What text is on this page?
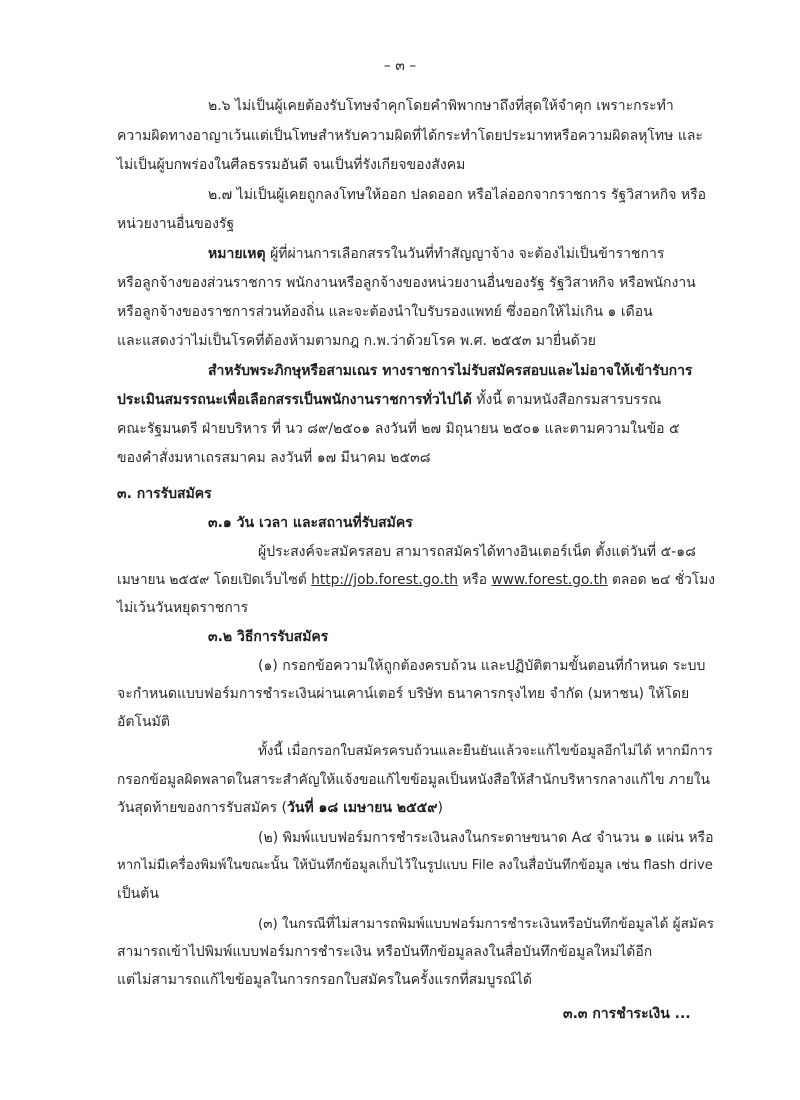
– ๓ –
๒.๖ ไม่เป็นผู้เคยต้องรับโทษจำคุกโดยคำพิพากษาถึงที่สุดให้จำคุก เพราะกระทำ
ความผิดทางอาญาเว้นแต่เป็นโทษสำหรับความผิดที่ได้กระทำโดยประมาทหรือความผิดลหุโทษ และ
ไม่เป็นผู้บกพร่องในศีลธรรมอันดี จนเป็นที่รังเกียจของสังคม
๒.๗ ไม่เป็นผู้เคยถูกลงโทษให้ออก ปลดออก หรือไล่ออกจากราชการ รัฐวิสาหกิจ หรือ
หน่วยงานอื่นของรัฐ
หมายเหตุ ผู้ที่ผ่านการเลือกสรรในวันที่ทำสัญญาจ้าง จะต้องไม่เป็นข้าราชการ
หรือลูกจ้างของส่วนราชการ พนักงานหรือลูกจ้างของหน่วยงานอื่นของรัฐ รัฐวิสาหกิจ หรือพนักงาน
หรือลูกจ้างของราชการส่วนท้องถิ่น และจะต้องนำใบรับรองแพทย์ ซึ่งออกให้ไม่เกิน ๑ เดือน
และแสดงว่าไม่เป็นโรคที่ต้องห้ามตามกฎ ก.พ.ว่าด้วยโรค พ.ศ. ๒๕๕๓ มายื่นด้วย
สำหรับพระภิกษุหรือสามเณร ทางราชการไม่รับสมัครสอบและไม่อาจให้เข้ารับการ
ประเมินสมรรถนะเพื่อเลือกสรรเป็นพนักงานราชการทั่วไปได้ ทั้งนี้ ตามหนังสือกรมสารบรรณ
คณะรัฐมนตรี ฝ่ายบริหาร ที่ นว ๘๙/๒๕๐๑ ลงวันที่ ๒๗ มิถุนายน ๒๕๐๑ และตามความในข้อ ๕
ของคำสั่งมหาเถรสมาคม ลงวันที่ ๑๗ มีนาคม ๒๕๓๘
๓. การรับสมัคร
๓.๑ วัน เวลา และสถานที่รับสมัคร
ผู้ประสงค์จะสมัครสอบ สามารถสมัครได้ทางอินเตอร์เน็ต ตั้งแต่วันที่ ๕-๑๘
เมษายน ๒๕๕๙ โดยเปิดเว็บไซต์ http://job.forest.go.th หรือ www.forest.go.th ตลอด ๒๔ ชั่วโมง
ไม่เว้นวันหยุดราชการ
๓.๒ วิธีการรับสมัคร
(๑) กรอกข้อความให้ถูกต้องครบถ้วน และปฏิบัติตามขั้นตอนที่กำหนด ระบบ
จะกำหนดแบบฟอร์มการชำระเงินผ่านเคาน์เตอร์ บริษัท ธนาคารกรุงไทย จำกัด (มหาชน) ให้โดย
อัตโนมัติ
ทั้งนี้ เมื่อกรอกใบสมัครครบถ้วนและยืนยันแล้วจะแก้ไขข้อมูลอีกไม่ได้ หากมีการ
กรอกข้อมูลผิดพลาดในสาระสำคัญให้แจ้งขอแก้ไขข้อมูลเป็นหนังสือให้สำนักบริหารกลางแก้ไข ภายใน
วันสุดท้ายของการรับสมัคร (วันที่ ๑๘ เมษายน ๒๕๕๙)
(๒) พิมพ์แบบฟอร์มการชำระเงินลงในกระดาษขนาด A๔ จำนวน ๑ แผ่น หรือ
หากไม่มีเครื่องพิมพ์ในขณะนั้น ให้บันทึกข้อมูลเก็บไว้ในรูปแบบ File ลงในสื่อบันทึกข้อมูล เช่น flash drive
เป็นต้น
(๓) ในกรณีที่ไม่สามารถพิมพ์แบบฟอร์มการชำระเงินหรือบันทึกข้อมูลได้ ผู้สมัคร
สามารถเข้าไปพิมพ์แบบฟอร์มการชำระเงิน หรือบันทึกข้อมูลลงในสื่อบันทึกข้อมูลใหม่ได้อีก
แต่ไม่สามารถแก้ไขข้อมูลในการกรอกใบสมัครในครั้งแรกที่สมบูรณ์ได้
๓.๓ การชำระเงิน ...
